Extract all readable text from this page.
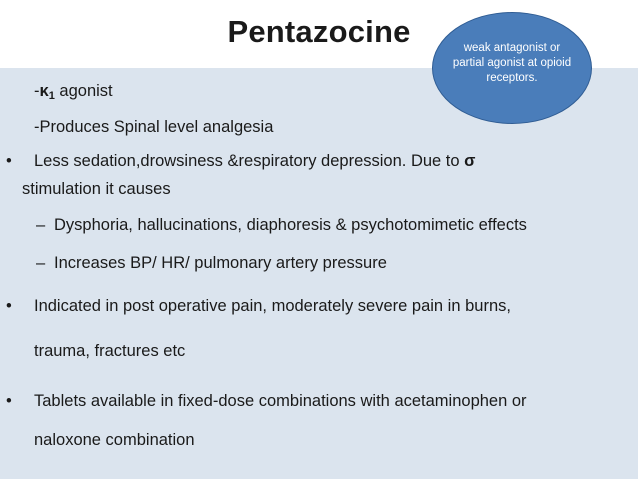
Pentazocine
$-\kappa_1$ agonist
-Produces Spinal level analgesia
• Less sedation,drowsiness &respiratory depression. Due to σ
stimulation it causes
– Dysphoria, hallucinations, diaphoresis & psychotomimetic effects
– Increases BP/ HR/ pulmonary artery pressure
• Indicated in post operative pain, moderately severe pain in burns,
trauma, fractures etc
• Tablets available in fixed-dose combinations with acetaminophen or
naloxone combination
weak antagonist or partial agonist at opioid receptors.
